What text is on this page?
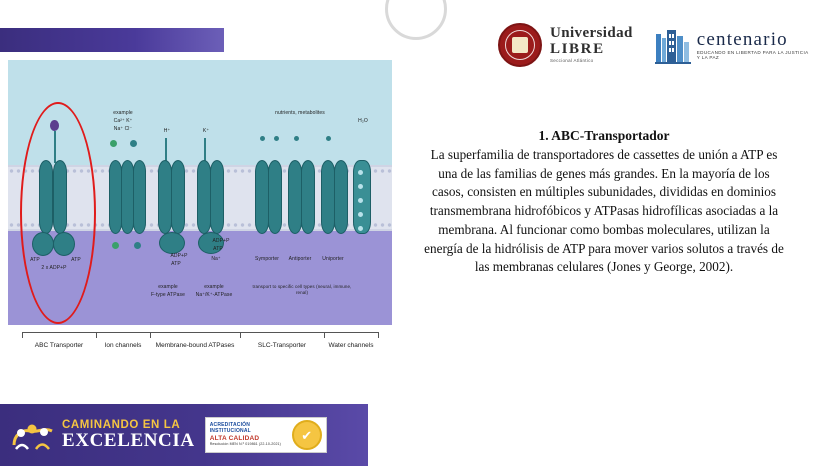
ATP
2 x ADP+P
ATP
example
Ca²⁺ K⁺
Na⁺ Cl⁻	H⁺
ADP+P
ATP
K⁺
ADP+P
ATP
Na⁺
nutrients, metabolites
Symporter	Antiporter	Uniporter
H₂O
example
F-type ATPase
example
Na⁺/K⁺-ATPase
transport to specific cell types (neural, immune, renal)
ABC Transporter	Ion channels	Membrane-bound ATPases	SLC-Transporter	Water channels
Universidad
LIBRE
Seccional Atlántico
centenario
EDUCANDO EN LIBERTAD PARA LA JUSTICIA Y LA PAZ
1. ABC-Transportador
La superfamilia de transportadores de cassettes de unión a ATP es una de las familias de genes más grandes. En la mayoría de los casos, consisten en múltiples subunidades, divididas en dominios transmembrana hidrofóbicos y ATPasas hidrofílicas asociadas a la membrana. Al funcionar como bombas moleculares, utilizan la energía de la hidrólisis de ATP para mover varios solutos a través de las membranas celulares (Jones y George, 2002).
CAMINANDO EN LA
EXCELENCIA
ACREDITACIÓN INSTITUCIONAL
ALTA CALIDAD
Resolución MEN N.º 019861 (22-10-2021)
✔
